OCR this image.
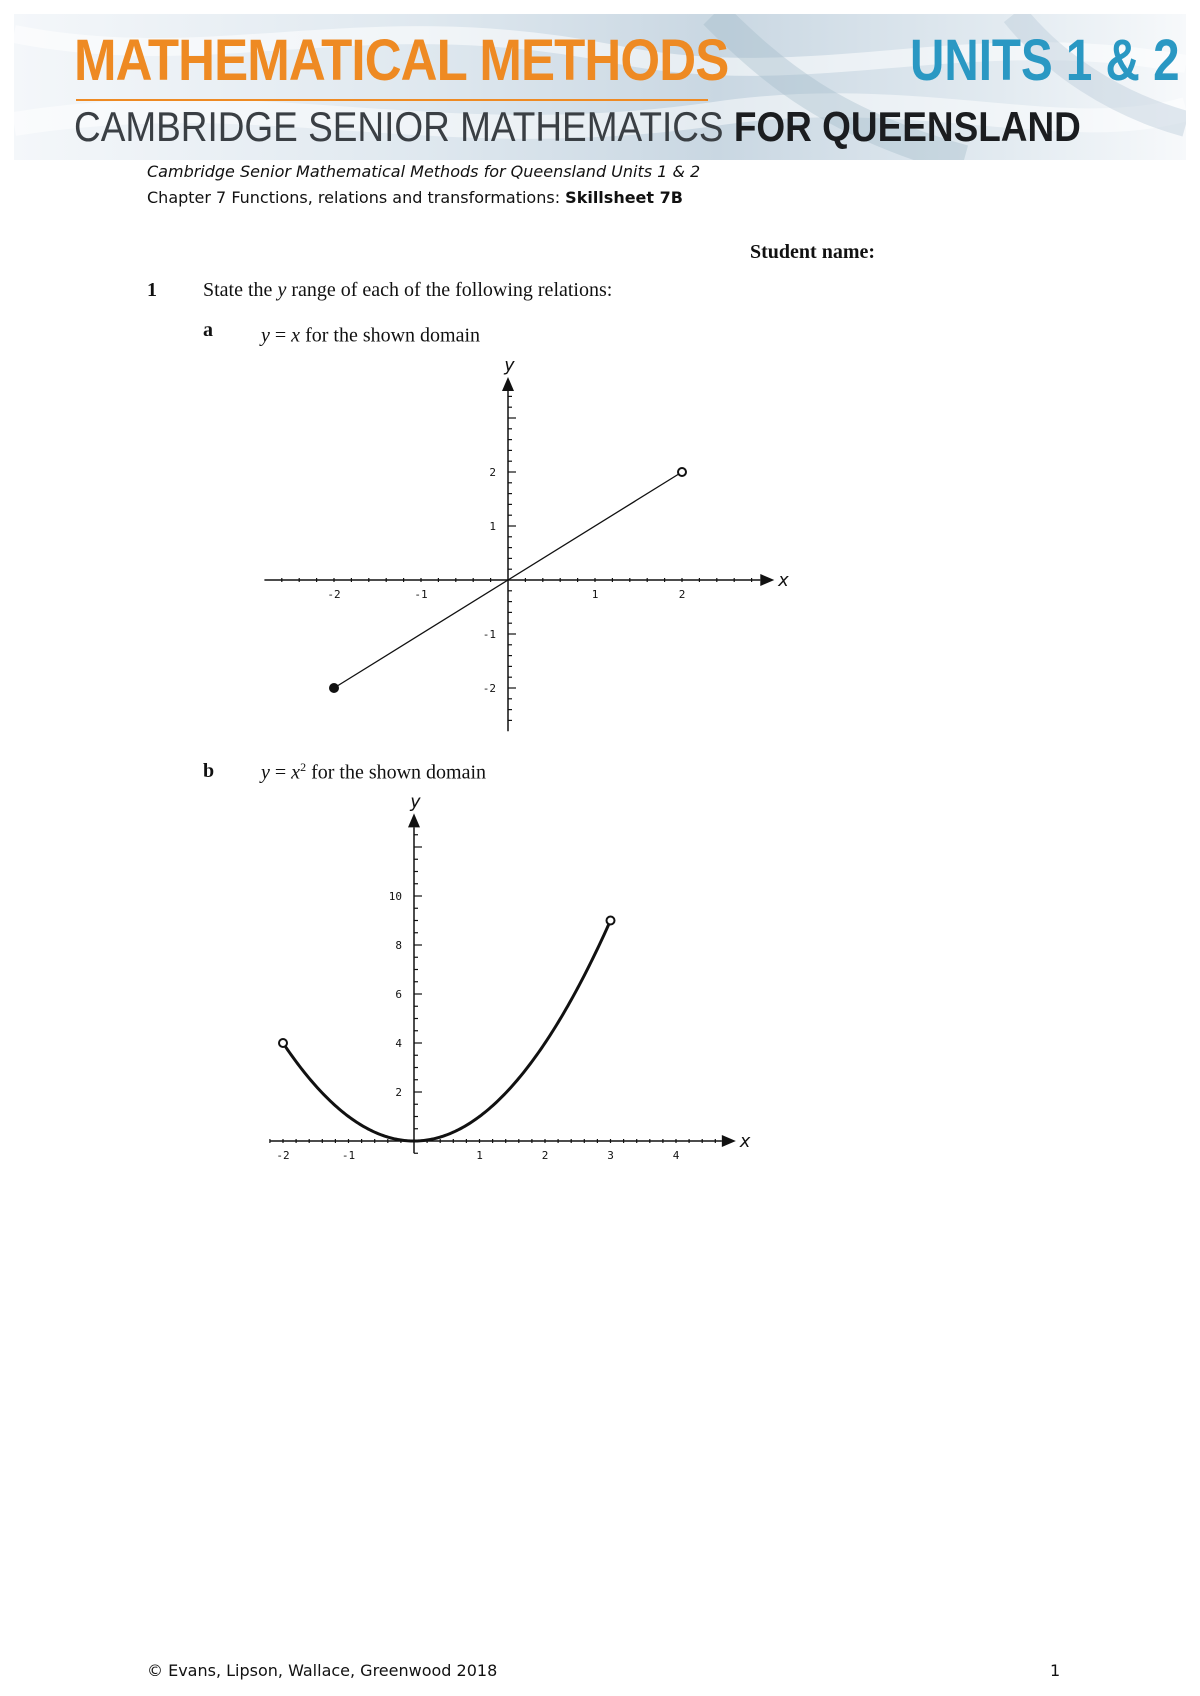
MATHEMATICAL METHODS	UNITS 1 & 2
CAMBRIDGE SENIOR MATHEMATICS FOR QUEENSLAND
Cambridge Senior Mathematical Methods for Queensland Units 1 & 2
Chapter 7 Functions, relations and transformations: Skillsheet 7B
Student name:
1 State the y range of each of the following relations:
a y = x for the shown domain
b $y = x^2$ for the shown domain
x
y
-2	-1	1	2
2
1
-1
-2
x
y
-2	-1	1	2	3	4
10
8
6
4
2
© Evans, Lipson, Wallace, Greenwood 2018	1
